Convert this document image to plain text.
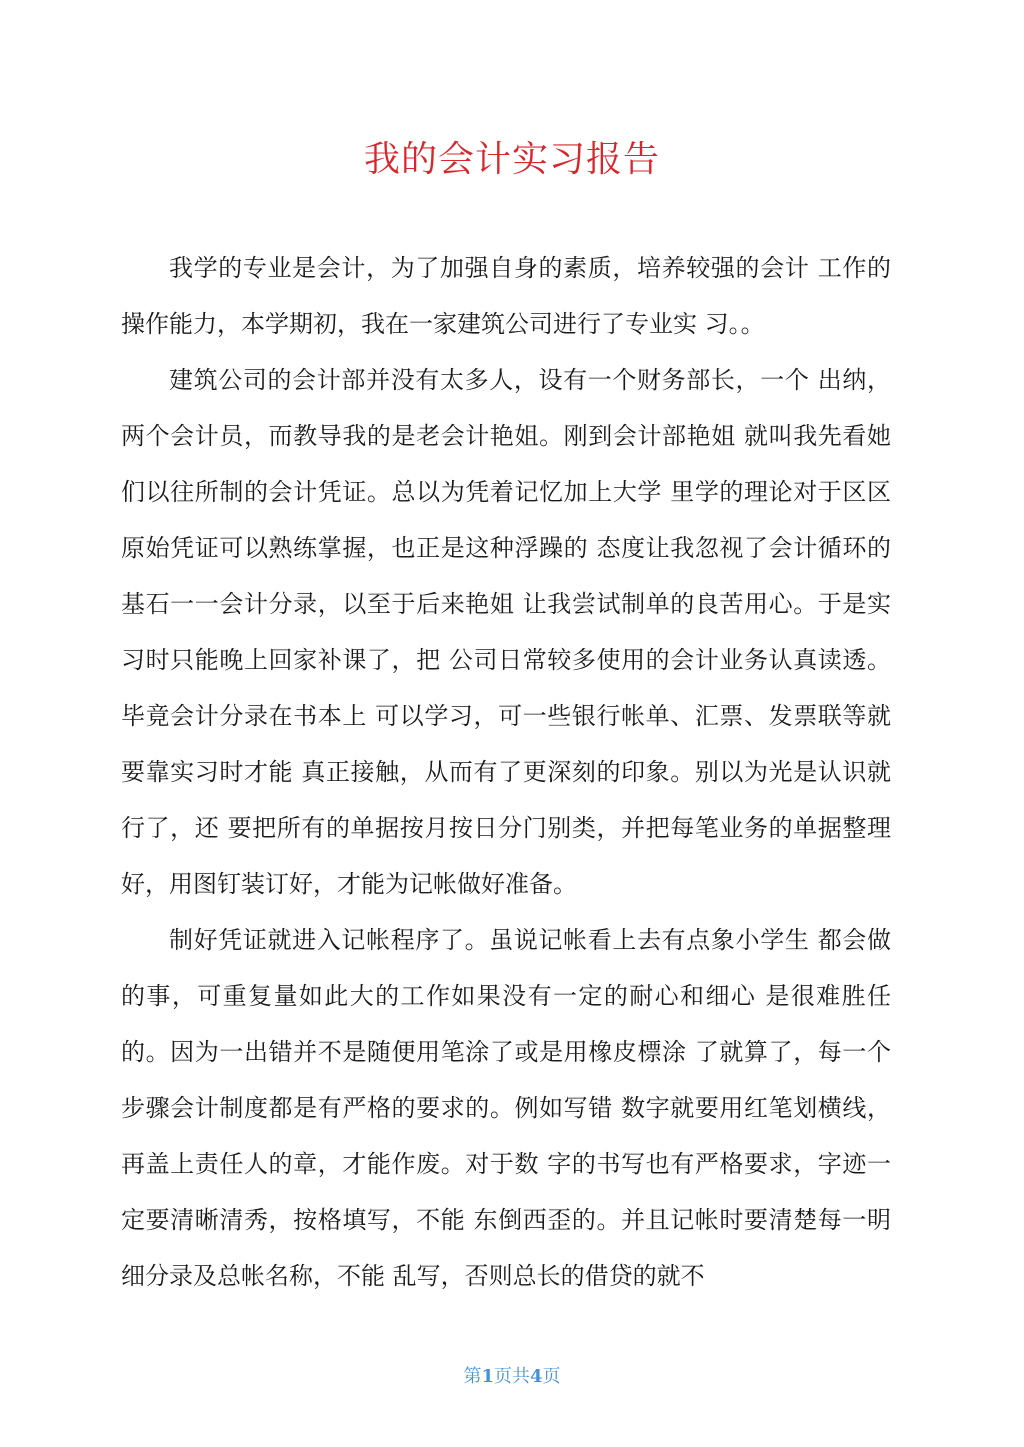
我的会计实习报告

我学的专业是会计，为了加强自身的素质，培养较强的会计 工作的操作能力，本学期初，我在一家建筑公司进行了专业实 习。。

建筑公司的会计部并没有太多人，设有一个财务部长，一个 出纳，两个会计员，而教导我的是老会计艳姐。刚到会计部艳姐 就叫我先看她们以往所制的会计凭证。总以为凭着记忆加上大学 里学的理论对于区区原始凭证可以熟练掌握，也正是这种浮躁的 态度让我忽视了会计循环的基石一一会计分录，以至于后来艳姐 让我尝试制单的良苦用心。于是实习时只能晚上回家补课了，把 公司日常较多使用的会计业务认真读透。毕竟会计分录在书本上 可以学习，可一些银行帐单、汇票、发票联等就要靠实习时才能 真正接触，从而有了更深刻的印象。别以为光是认识就行了，还 要把所有的单据按月按日分门别类，并把每笔业务的单据整理 好，用图钉装订好，才能为记帐做好准备。

制好凭证就进入记帐程序了。虽说记帐看上去有点象小学生 都会做的事，可重复量如此大的工作如果没有一定的耐心和细心 是很难胜任的。因为一出错并不是随便用笔涂了或是用橡皮標涂 了就算了，每一个步骤会计制度都是有严格的要求的。例如写错 数字就要用红笔划横线，再盖上责任人的章，才能作废。对于数 字的书写也有严格要求，字迹一定要清晰清秀，按格填写，不能 东倒西歪的。并且记帐时要清楚每一明细分录及总帐名称，不能 乱写，否则总长的借贷的就不

第1页共4页
